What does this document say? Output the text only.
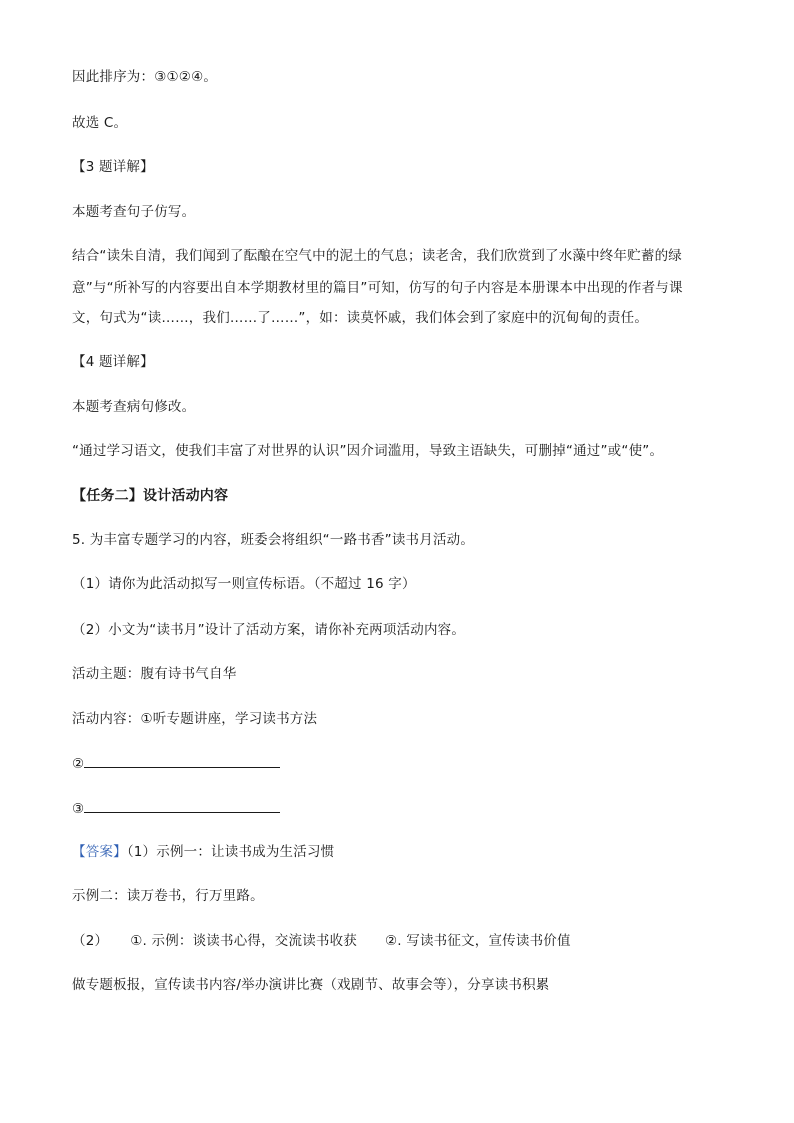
因此排序为：③①②④。
故选 C。
【3 题详解】
本题考查句子仿写。
结合“读朱自清，我们闻到了酝酿在空气中的泥土的气息；读老舍，我们欣赏到了水藻中终年贮蓄的绿
意”与“所补写的内容要出自本学期教材里的篇目”可知，仿写的句子内容是本册课本中出现的作者与课
文，句式为“读……，我们……了……”，如：读莫怀戚，我们体会到了家庭中的沉甸甸的责任。
【4 题详解】
本题考查病句修改。
“通过学习语文，使我们丰富了对世界的认识”因介词滥用，导致主语缺失，可删掉“通过”或“使”。
【任务二】设计活动内容
5. 为丰富专题学习的内容，班委会将组织“一路书香”读书月活动。
（1）请你为此活动拟写一则宣传标语。（不超过 16 字）
（2）小文为“读书月”设计了活动方案，请你补充两项活动内容。
活动主题：腹有诗书气自华
活动内容：①听专题讲座，学习读书方法
②
③
【答案】（1）示例一：让读书成为生活习惯
示例二：读万卷书，行万里路。
（2） ①. 示例：谈读书心得，交流读书收获 ②. 写读书征文，宣传读书价值
做专题板报，宣传读书内容/举办演讲比赛（戏剧节、故事会等），分享读书积累
